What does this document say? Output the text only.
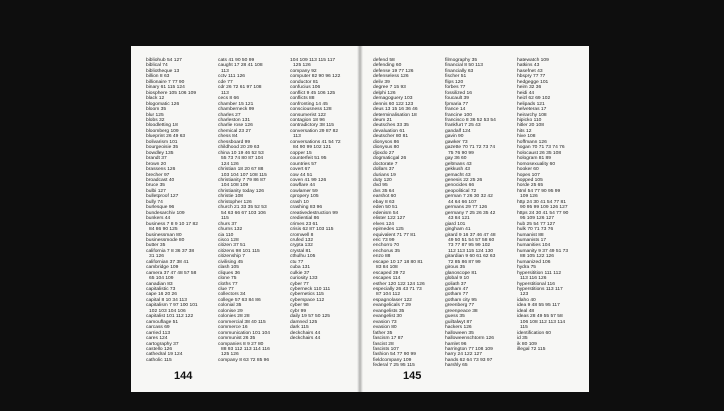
bibliohub 54 127
biblical 74
bibliotheque 13
billion 8 63
billionaire 7 77 90
binary 61 115 124
biosphere 105 106 109
black 12
blogomatic 126
bloom 35
blur 125
blobs 32
bloodletting 18
bloomberg 109
blueprint 26 49 63
bolivarism 101
bourgeoisie 35
bowdley 135
brandt 37
brown 20
brassens 126
brecher 97
broadcast 40
bruce 35
bulbi 127
bulletproof 127
bully 74
burlesque 96
bundesarchiv 109
bunkers 44
business 7 8 9 10 17 82 84 86 90 125
businessman 80
businessmode 80
butter 35
california 7 8 36 37 38 31 126
californian 37 38 41
cambridge 109
camera 37 47 48 57 58 65 104 109
canadian 83
capitalistic 73
cape 16 20 26
capital 8 10 34 113
capitalism 7 97 100 101 102 103 104 106
capitalist 101 112 122
camouflage 51
carcass 69
carried 113
cares 124
cartography 37
castello 126
cathedral 19 124
catholic 115
cats 41 90 50 99
caught 17 28 41 108 113
cctv 111 126
cde 77
cdr 26 72 61 97 108 113
cecs 8 66
chamber 15 121
chamberneck 99
charles 27
charleston 131
charlie rose 126
chemical 23 27
chess 84
chessboard 99
childhood 20 29 63
china 10 19 46 52 53 55 73 74 80 87 104 124 126
christian 18 20 67 88 103 104 107 108 115
christianity 7 79 86 87 104 108 109
christianity today 126
christie 108
christopher 126
church 21 33 35 52 53 54 63 66 67 103 106 115
churs 37
churns 132
cia 110
cisco 128
citizen 37 51
citizens 98 101 115
citizenship 7
civilising 45
clash 105
cliques 36
clone 75
cloths 77
clue 77
collectors 34
college 57 63 84 86
colonial 35
colonise 29
colonies 28 28
commercial 38 40 115
commerce 16
communication 101 104
communist 26 35
companies 8 9 27 80 88 93 112 113 114 116 125 126
company 8 63 72 85 96
104 109 113 115 117 125 126
company 92
computer 82 90 96 122
conductor 81
confucius 106
conflict 9 45 106 125
conflicts 88
confronting 14 45
consciousness 128
consumerist 122
contagion 18 96
contradictory 38 115
conversation 29 87 82 113
conversations 41 54 72 84 90 99 102 121
copper 15
counterfeit 51 95
countries 57
covert 67
cow 44 51
coven 41 99 126
cowflare 44
cowlamer 59
cpropery 105
crash 10
crashing 83 96
creativedestruction 99
crediential 86
crimes 23 61
crisis 62 87 103 115
cromwell 8
crufed 132
crypta 132
crystal 81
cthulhu 105
ctu 77
cuba 131
culkie 37
curiosity 133
cyber 77
cyberneck 110 111
cybernetics 115
cyberspace 112
cyber 96
cybr 99
daily 19 57 50 125
damned 125
dark 115
deckchairs 44
deckchairs 44
144
defend 58
defending 60
defense 19 77 126
defenseless 126
deliv 39
degree 7 15 93
delphi 126
demagoguery 103
dennis 60 122 123
deus 13 15 16 36 46
determinalisation 18
deum 21
deutsches 33 35
devaluation 61
deutscher 80 81
dionysos 86
dionysus 80
djoxdo 27
dogmaticgal 26
doctorate 7
dollars 37
durians 19
duty 120
dvd 95
dvs 35 64
earshot 60
ebay 8 63
eden 50 51
edenism 54
elister 122 127
elves 124
epimedes 125
equivalent 71 77 81
eric 73 99
enchorro 70
enchorus 35
enzo 88
escape 10 17 18 80 81 83 84 108
escaped 39 72
escapes 114
esther 120 122 124 126
especially 26 43 71 73 87 104 112
espagnolaser 122
evangelicals 7 29
evangelists 35
evangelist 30
evasion 73
evasion 80
father 35
fascism 17 87
fascist 28
fascists 107
fashion 54 77 90 99
fieldcompany 109
federal 7 25 95 115
filmography 35
financial 8 50 113
financially 63
fischer 51
flips 120
forbes 77
fossilized 16
foucault 39
fpmaria 77
france 14
francine 100
francisco 8 36 52 53 54
frankfurt 7 25 43
gandalf 124
gavin 90
gawker 73
gazette 70 71 72 73 74 75 76 90 99
gay 36 60
geltmans 43
gekkush 43
gemacht 43
genesis 22 25 26
genocides 66
geopolitical 72
german 7 26 30 32 42 44 64 66 107
germans 29 77 126
germany 7 25 26 35 42 43 84 121
giard 101
gingham 41
girard 9 16 37 46 47 48 49 50 51 54 57 58 60 73 77 87 95 99 102 112 113 115 124 130
girardian 9 60 61 62 63 72 85 86 87 99
girous 35
glanoscope 81
global 9 10
goliath 37
gotham 47
gotham 77
gotham city 95
greenberg 77
greenpeace 38
guess 35
guiltalwyt 87
hackers 126
halloween 35
halloweenschtorm 126
hamlet 96
harrington 77 108 109
harry 24 122 127
hands 62 64 73 93 97
harshly 65
hatewatch 109
hatkins 43
hasefnet 43
hbspry 77 77
hedgegge 101
heim 32 36
heidi 44
heizl 62 69 102
helipads 121
helveteras 17
heirarchy 108
hipicko 110
hitler 20 108
hits 12
hive 108
hoffmann 126
hogan 70 71 73 74 76
holocaust 26 35 108
hologram 81 89
homosexuality 60
hooker 60
hopes 107
hopped 105
horde 25 65
html 54 77 90 95 99 109 126
http 24 30 41 54 77 81 90 95 99 109 126 127
https 24 30 41 54 77 90 95 109 126 127
hub 25 54 77 127
hulk 70 71 73 76
humanist 88
humanists 17
humanities 104
humanity 9 37 49 51 73 88 105 122 126
humanized 106
hydra 75
hypersitition 111 112 113 116 126
hyperstitional 116
hyperstitions 113 117 123
idaho 40
idea 9 48 55 95 117
ideal 48
ideas 28 49 55 57 58 106 108 112 113 114 115
identification 60
id 35
ik 80 109
illegal 72 115
145
